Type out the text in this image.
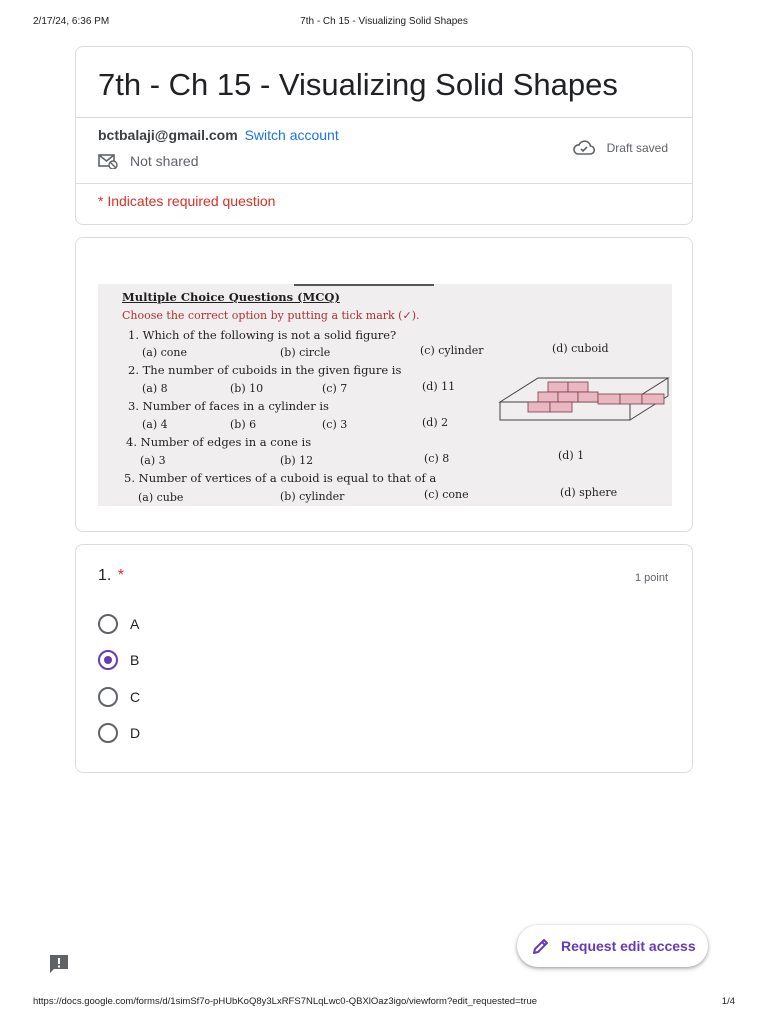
2/17/24, 6:36 PM	7th - Ch 15 - Visualizing Solid Shapes
7th - Ch 15 - Visualizing Solid Shapes
bctbalaji@gmail.com Switch account
Not shared
Draft saved
* Indicates required question
Multiple Choice Questions (MCQ)
Choose the correct option by putting a tick mark (✓).
1. Which of the following is not a solid figure?
(a) cone	(b) circle	(c) cylinder	(d) cuboid
2. The number of cuboids in the given figure is
(a) 8	(b) 10	(c) 7	(d) 11
3. Number of faces in a cylinder is
(a) 4	(b) 6	(c) 3	(d) 2
4. Number of edges in a cone is
(a) 3	(b) 12	(c) 8	(d) 1
5. Number of vertices of a cuboid is equal to that of a
(a) cube	(b) cylinder	(c) cone	(d) sphere
1. *	1 point
A
B
C
D
Request edit access
https://docs.google.com/forms/d/1simSf7o-pHUbKoQ8y3LxRFS7NLqLwc0-QBXlOaz3igo/viewform?edit_requested=true	1/4
